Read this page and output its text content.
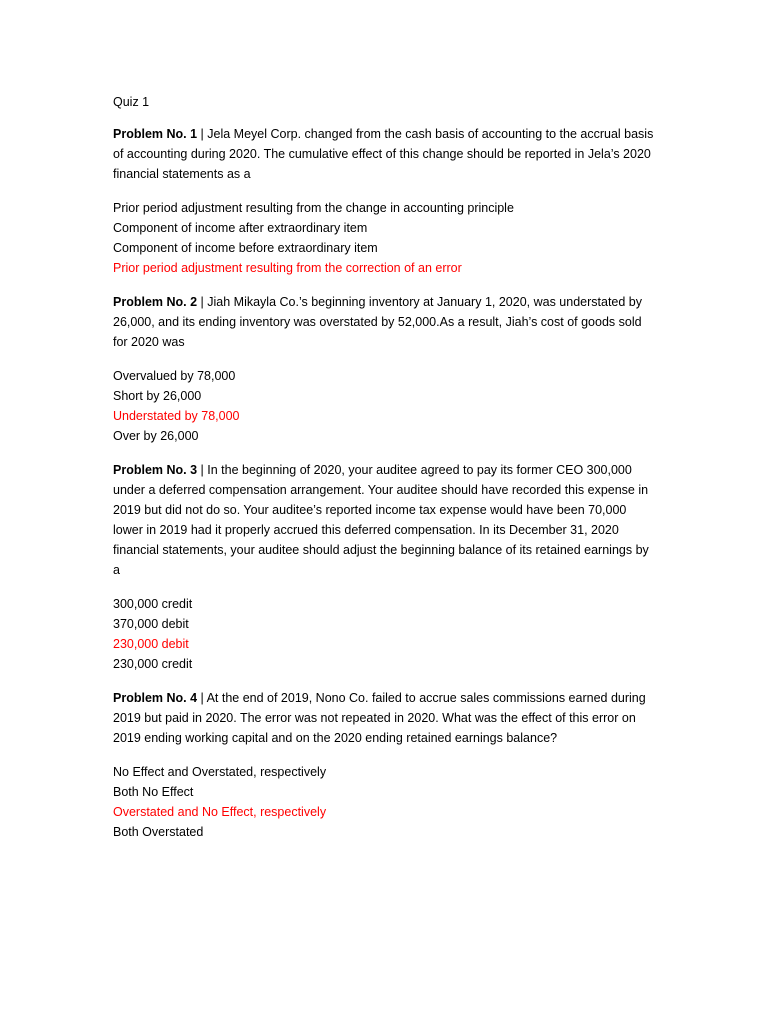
Quiz 1
Problem No. 1 | Jela Meyel Corp. changed from the cash basis of accounting to the accrual basis of accounting during 2020. The cumulative effect of this change should be reported in Jela’s 2020 financial statements as a
Prior period adjustment resulting from the change in accounting principle
Component of income after extraordinary item
Component of income before extraordinary item
Prior period adjustment resulting from the correction of an error
Problem No. 2 | Jiah Mikayla Co.’s beginning inventory at January 1, 2020, was understated by 26,000, and its ending inventory was overstated by 52,000.As a result, Jiah’s cost of goods sold for 2020 was
Overvalued by 78,000
Short by 26,000
Understated by 78,000
Over by 26,000
Problem No. 3 | In the beginning of 2020, your auditee agreed to pay its former CEO 300,000 under a deferred compensation arrangement. Your auditee should have recorded this expense in 2019 but did not do so. Your auditee’s reported income tax expense would have been 70,000 lower in 2019 had it properly accrued this deferred compensation. In its December 31, 2020 financial statements, your auditee should adjust the beginning balance of its retained earnings by a
300,000 credit
370,000 debit
230,000 debit
230,000 credit
Problem No. 4 | At the end of 2019, Nono Co. failed to accrue sales commissions earned during 2019 but paid in 2020. The error was not repeated in 2020. What was the effect of this error on 2019 ending working capital and on the 2020 ending retained earnings balance?
No Effect and Overstated, respectively
Both No Effect
Overstated and No Effect, respectively
Both Overstated
